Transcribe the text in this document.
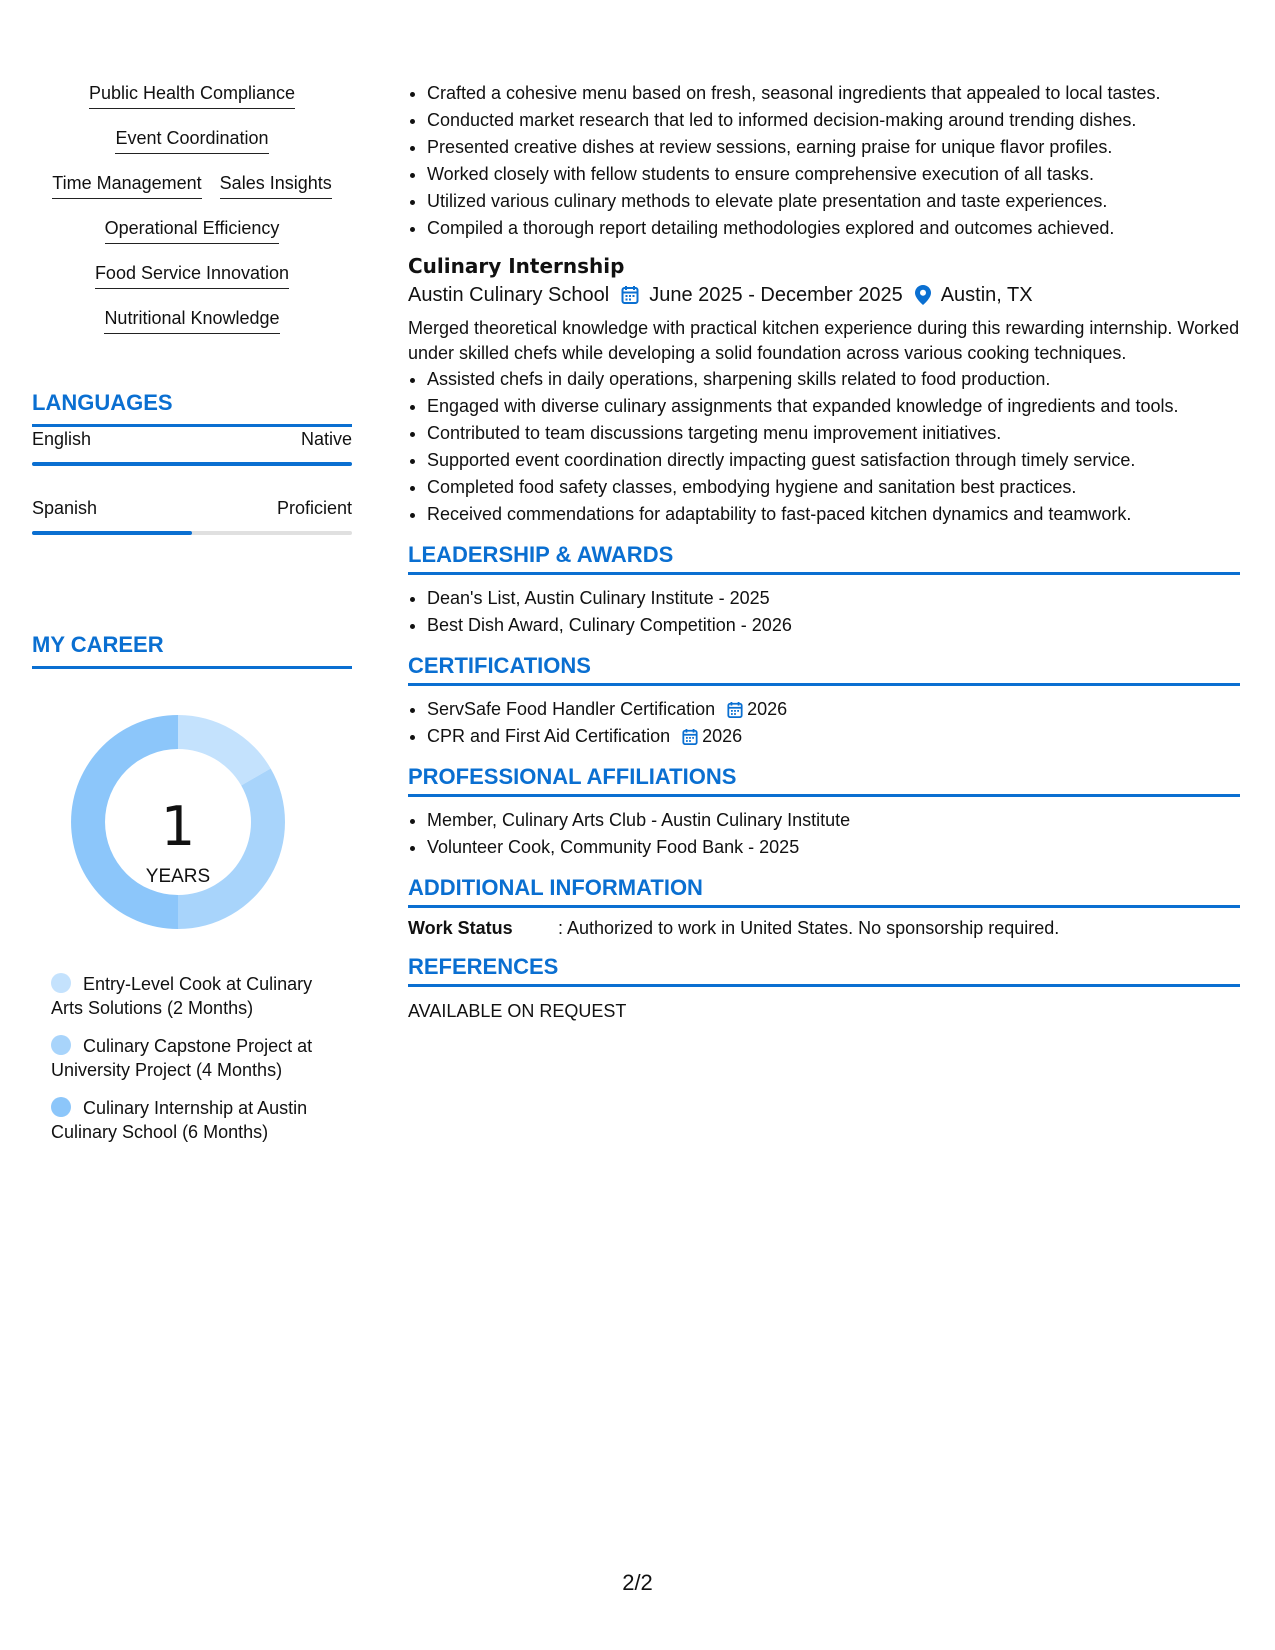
Public Health Compliance
Event Coordination
Time Management Sales Insights
Operational Efficiency
Food Service Innovation
Nutritional Knowledge
LANGUAGES
English	Native
Spanish	Proficient
MY CAREER
1
YEARS
Entry-Level Cook at Culinary Arts Solutions (2 Months)
Culinary Capstone Project at University Project (4 Months)
Culinary Internship at Austin Culinary School (6 Months)
• Crafted a cohesive menu based on fresh, seasonal ingredients that appealed to local tastes.
• Conducted market research that led to informed decision-making around trending dishes.
• Presented creative dishes at review sessions, earning praise for unique flavor profiles.
• Worked closely with fellow students to ensure comprehensive execution of all tasks.
• Utilized various culinary methods to elevate plate presentation and taste experiences.
• Compiled a thorough report detailing methodologies explored and outcomes achieved.
Culinary Internship
Austin Culinary School June 2025 - December 2025 Austin, TX
Merged theoretical knowledge with practical kitchen experience during this rewarding internship. Worked under skilled chefs while developing a solid foundation across various cooking techniques.
• Assisted chefs in daily operations, sharpening skills related to food production.
• Engaged with diverse culinary assignments that expanded knowledge of ingredients and tools.
• Contributed to team discussions targeting menu improvement initiatives.
• Supported event coordination directly impacting guest satisfaction through timely service.
• Completed food safety classes, embodying hygiene and sanitation best practices.
• Received commendations for adaptability to fast-paced kitchen dynamics and teamwork.
LEADERSHIP & AWARDS
• Dean's List, Austin Culinary Institute - 2025
• Best Dish Award, Culinary Competition - 2026
CERTIFICATIONS
• ServSafe Food Handler Certification 2026
• CPR and First Aid Certification 2026
PROFESSIONAL AFFILIATIONS
• Member, Culinary Arts Club - Austin Culinary Institute
• Volunteer Cook, Community Food Bank - 2025
ADDITIONAL INFORMATION
Work Status	: Authorized to work in United States. No sponsorship required.
REFERENCES
AVAILABLE ON REQUEST
2/2
